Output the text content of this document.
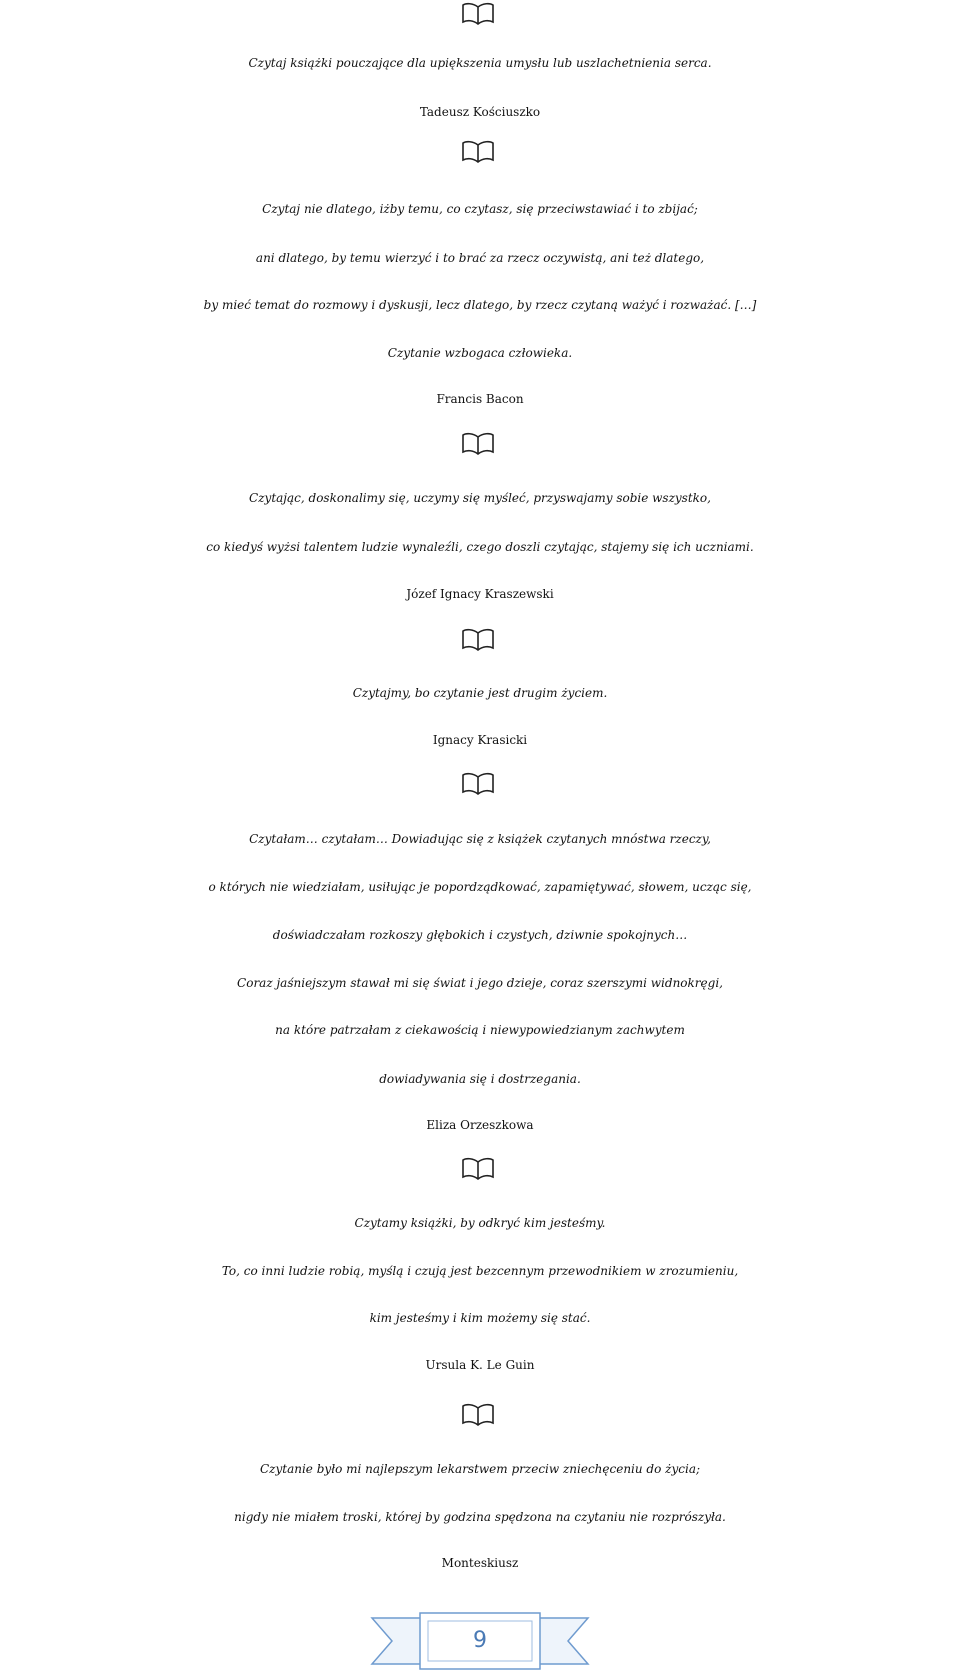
Czytaj książki pouczające dla upiększenia umysłu lub uszlachetnienia serca.
Tadeusz Kościuszko
Czytaj nie dlatego, iżby temu, co czytasz, się przeciwstawiać i to zbijać;
ani dlatego, by temu wierzyć i to brać za rzecz oczywistą, ani też dlatego,
by mieć temat do rozmowy i dyskusji, lecz dlatego, by rzecz czytaną ważyć i rozważać. […]
Czytanie wzbogaca człowieka.
Francis Bacon
Czytając, doskonalimy się, uczymy się myśleć, przyswajamy sobie wszystko,
co kiedyś wyżsi talentem ludzie wynaleźli, czego doszli czytając, stajemy się ich uczniami.
Józef Ignacy Kraszewski
Czytajmy, bo czytanie jest drugim życiem.
Ignacy Krasicki
Czytałam… czytałam… Dowiadując się z książek czytanych mnóstwa rzeczy,
o których nie wiedziałam, usiłując je popordządkować, zapamiętywać, słowem, ucząc się,
doświadczałam rozkoszy głębokich i czystych, dziwnie spokojnych…
Coraz jaśniejszym stawał mi się świat i jego dzieje, coraz szerszymi widnokręgi,
na które patrzałam z ciekawością i niewypowiedzianym zachwytem
dowiadywania się i dostrzegania.
Eliza Orzeszkowa
Czytamy książki, by odkryć kim jesteśmy.
To, co inni ludzie robią, myślą i czują jest bezcennym przewodnikiem w zrozumieniu,
kim jesteśmy i kim możemy się stać.
Ursula K. Le Guin
Czytanie było mi najlepszym lekarstwem przeciw zniechęceniu do życia;
nigdy nie miałem troski, której by godzina spędzona na czytaniu nie rozprószyła.
Monteskiusz
9
